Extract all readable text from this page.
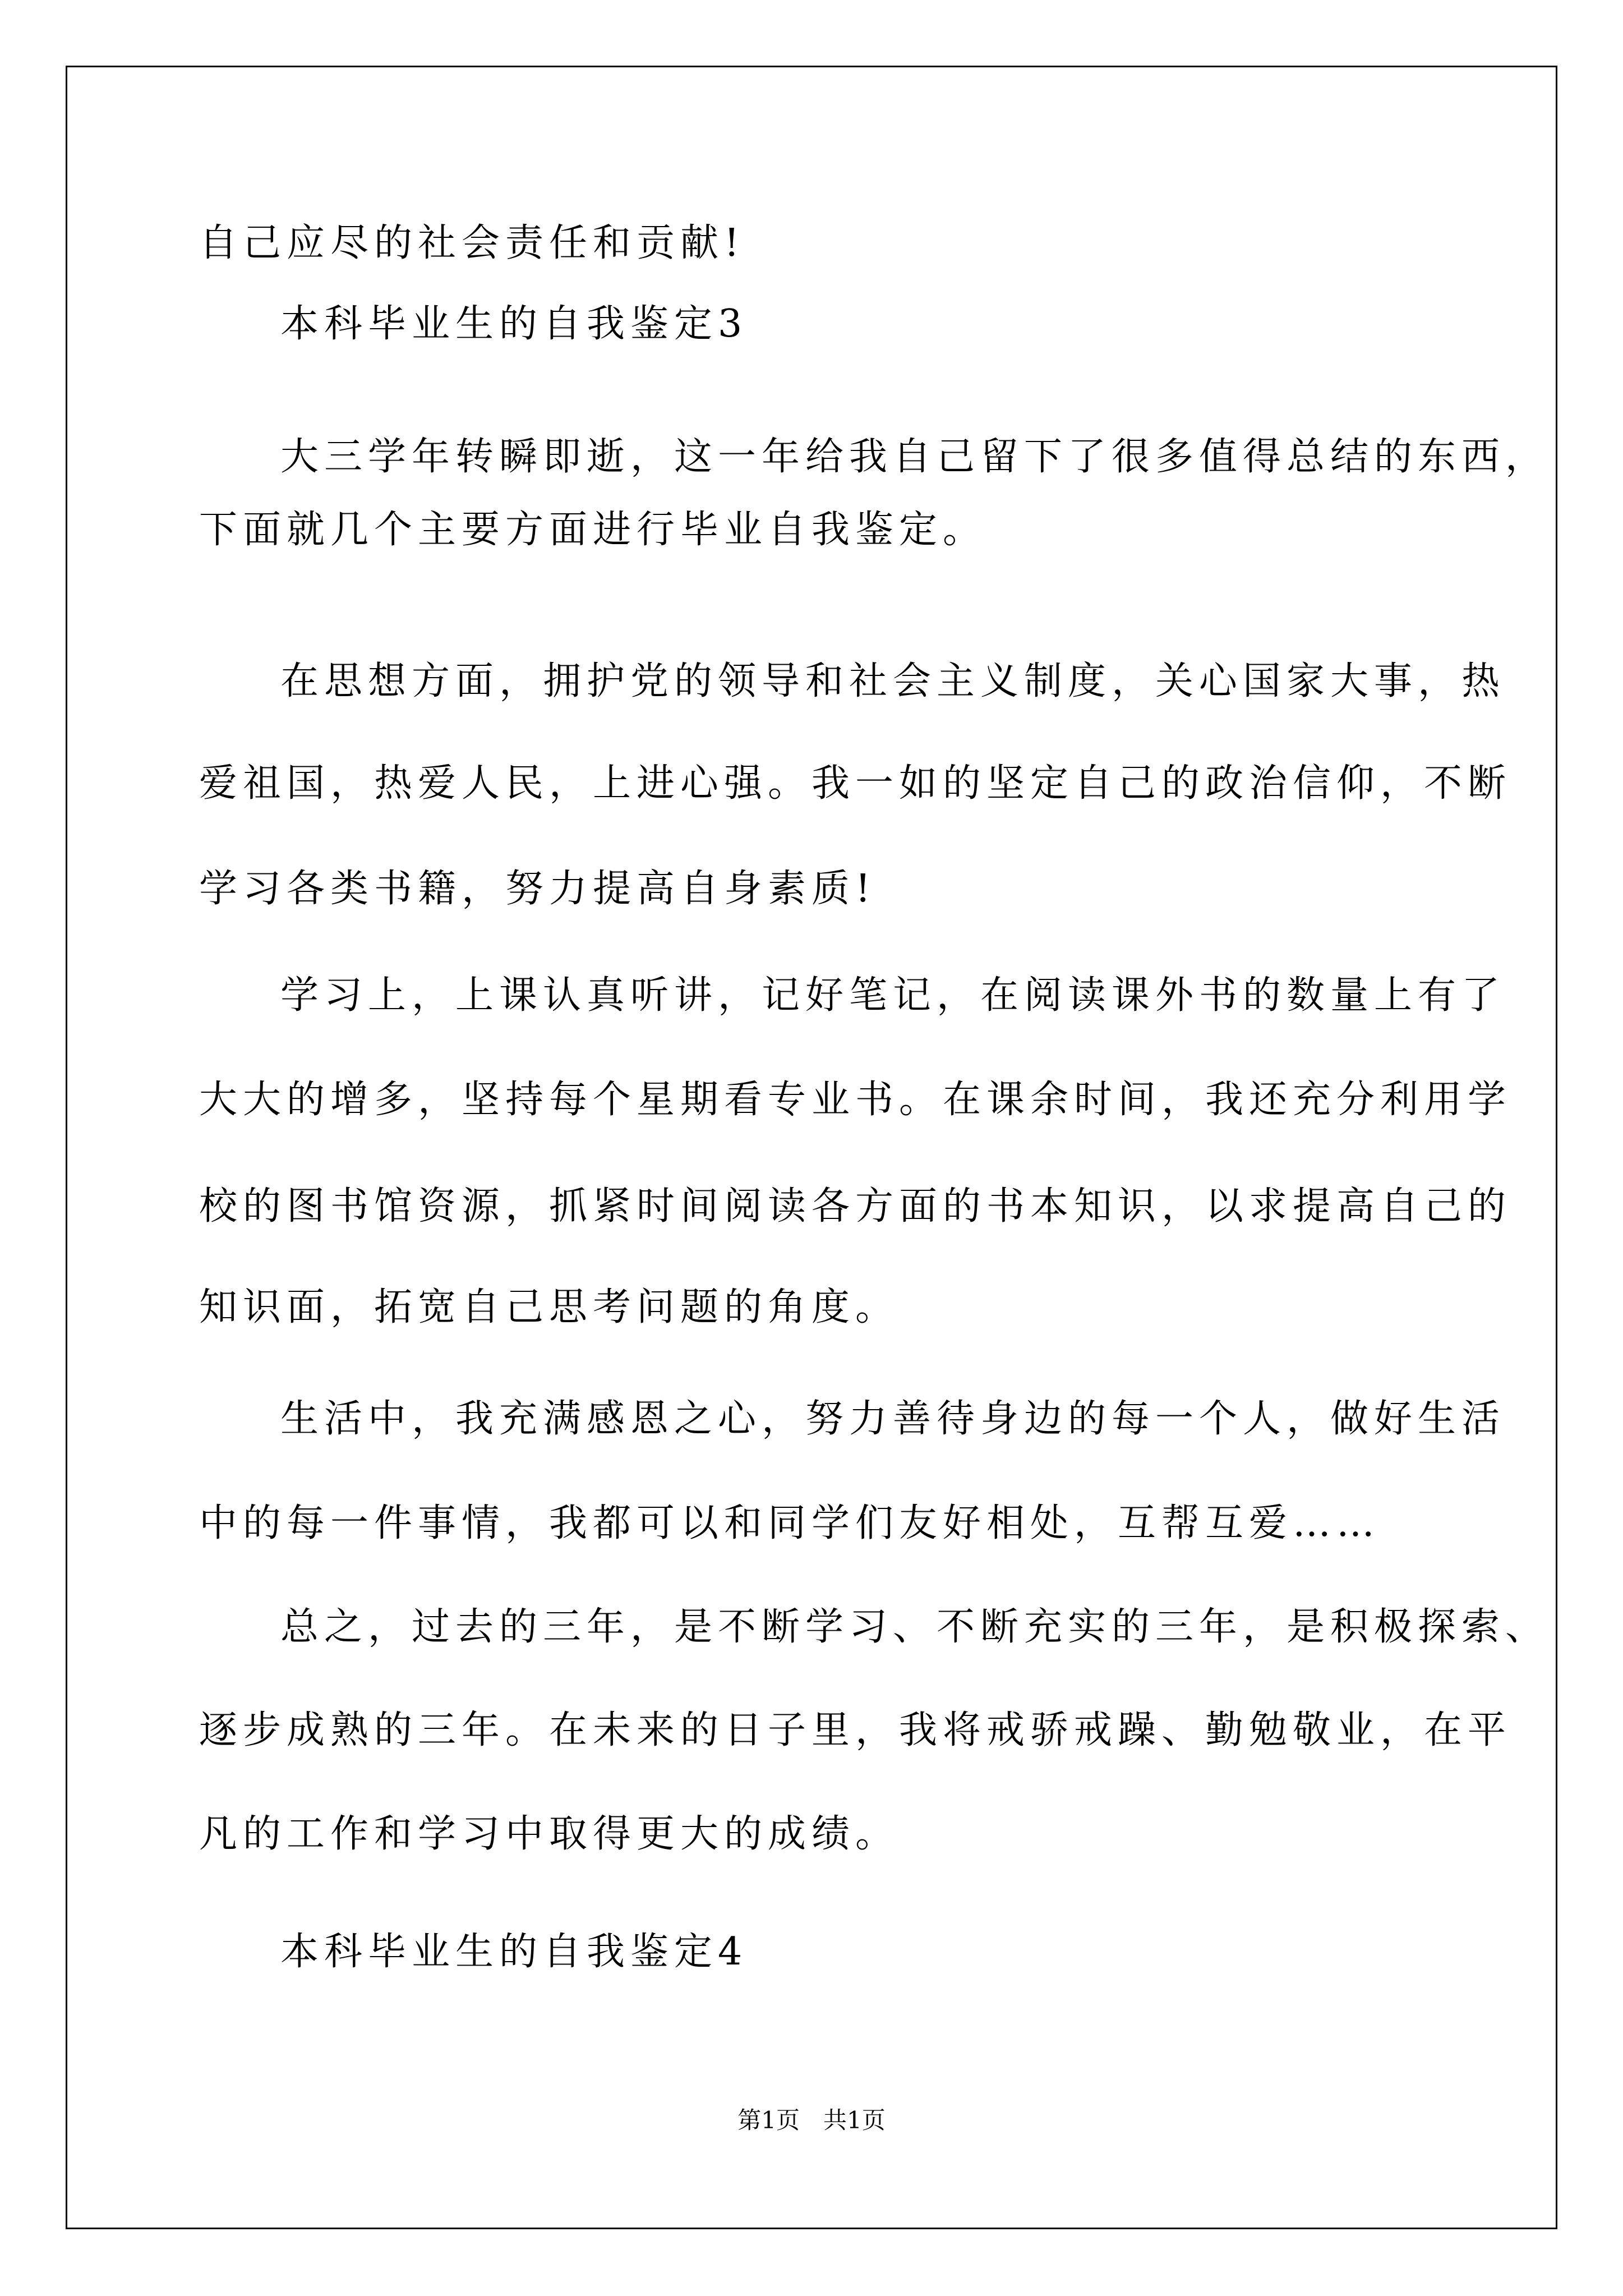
自己应尽的社会责任和贡献!

本科毕业生的自我鉴定3

大三学年转瞬即逝，这一年给我自己留下了很多值得总结的东西，

下面就几个主要方面进行毕业自我鉴定。

在思想方面，拥护党的领导和社会主义制度，关心国家大事，热

爱祖国，热爱人民，上进心强。我一如的坚定自己的政治信仰，不断

学习各类书籍，努力提高自身素质!

学习上，上课认真听讲，记好笔记，在阅读课外书的数量上有了

大大的增多，坚持每个星期看专业书。在课余时间，我还充分利用学

校的图书馆资源，抓紧时间阅读各方面的书本知识，以求提高自己的

知识面，拓宽自己思考问题的角度。

生活中，我充满感恩之心，努力善待身边的每一个人，做好生活

中的每一件事情，我都可以和同学们友好相处，互帮互爱……

总之，过去的三年，是不断学习、不断充实的三年，是积极探索、

逐步成熟的三年。在未来的日子里，我将戒骄戒躁、勤勉敬业，在平

凡的工作和学习中取得更大的成绩。

本科毕业生的自我鉴定4

第1页　共1页
